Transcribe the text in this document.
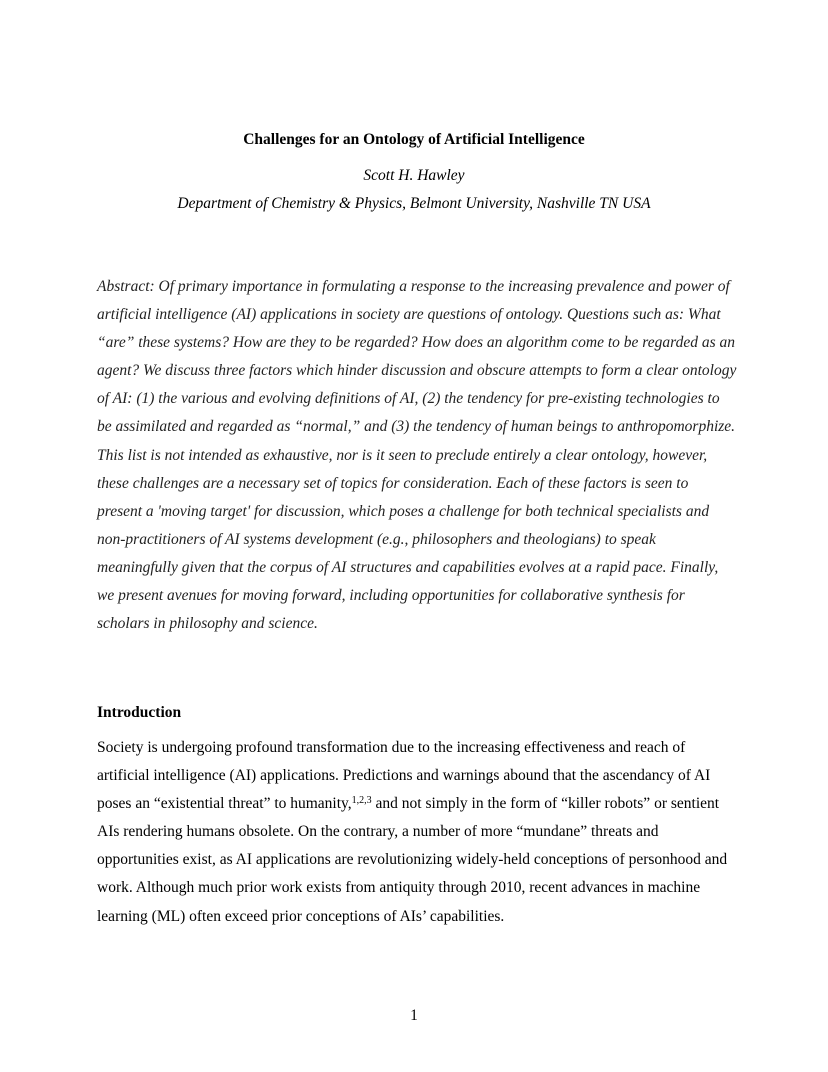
Challenges for an Ontology of Artificial Intelligence
Scott H. Hawley
Department of Chemistry & Physics, Belmont University, Nashville TN USA

Abstract: Of primary importance in formulating a response to the increasing prevalence and power of artificial intelligence (AI) applications in society are questions of ontology. Questions such as: What “are” these systems? How are they to be regarded? How does an algorithm come to be regarded as an agent? We discuss three factors which hinder discussion and obscure attempts to form a clear ontology of AI: (1) the various and evolving definitions of AI, (2) the tendency for pre-existing technologies to be assimilated and regarded as “normal,” and (3) the tendency of human beings to anthropomorphize. This list is not intended as exhaustive, nor is it seen to preclude entirely a clear ontology, however, these challenges are a necessary set of topics for consideration. Each of these factors is seen to present a 'moving target' for discussion, which poses a challenge for both technical specialists and non-practitioners of AI systems development (e.g., philosophers and theologians) to speak meaningfully given that the corpus of AI structures and capabilities evolves at a rapid pace. Finally, we present avenues for moving forward, including opportunities for collaborative synthesis for scholars in philosophy and science.

Introduction

Society is undergoing profound transformation due to the increasing effectiveness and reach of artificial intelligence (AI) applications. Predictions and warnings abound that the ascendancy of AI poses an “existential threat” to humanity,$^{1,2,3}$ and not simply in the form of “killer robots” or sentient AIs rendering humans obsolete. On the contrary, a number of more “mundane” threats and opportunities exist, as AI applications are revolutionizing widely-held conceptions of personhood and work. Although much prior work exists from antiquity through 2010, recent advances in machine learning (ML) often exceed prior conceptions of AIs’ capabilities.

1
